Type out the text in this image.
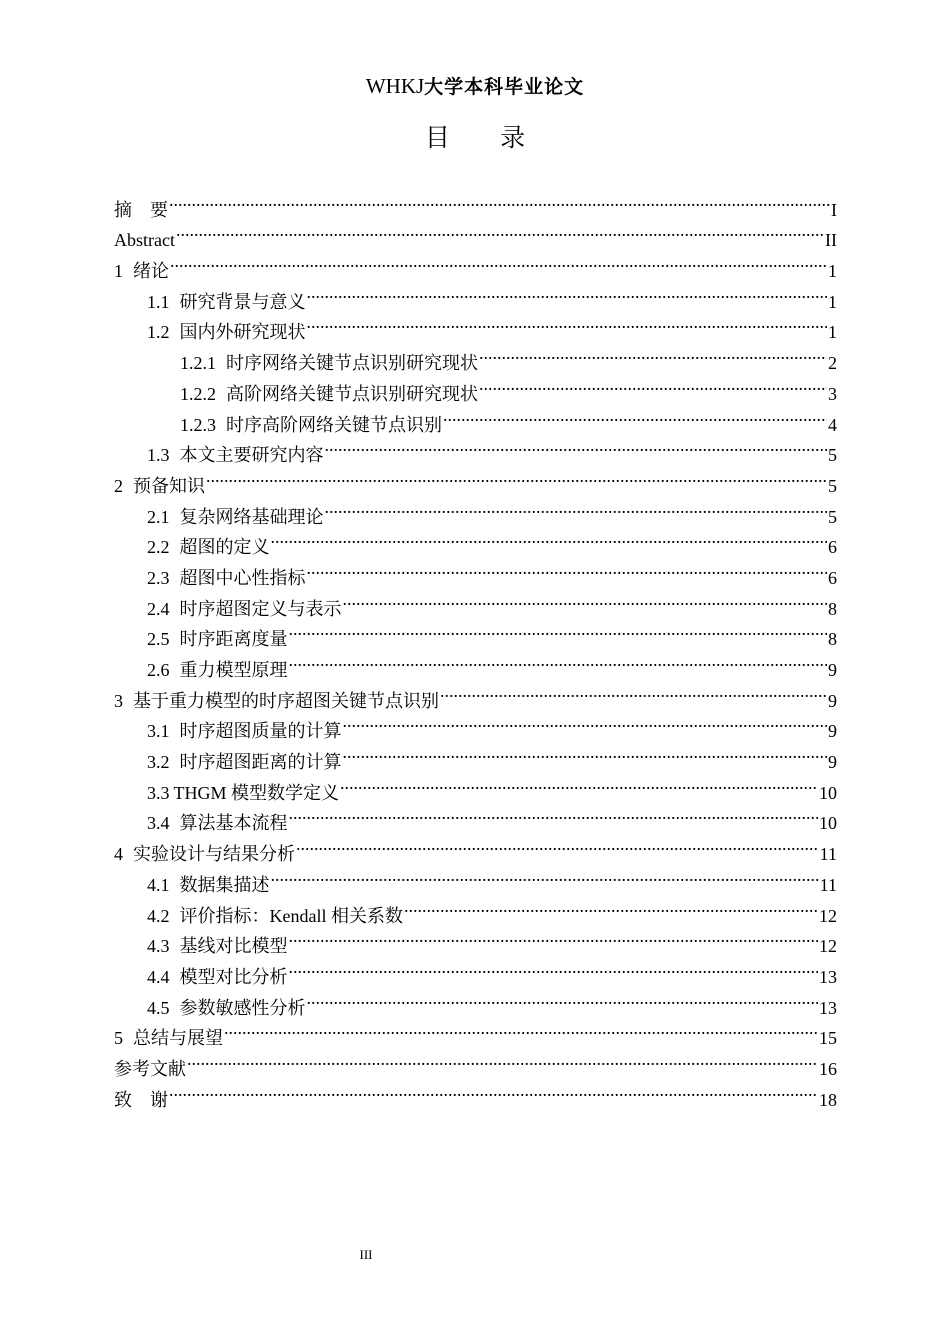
WHKJ大学本科毕业论文
目 录
摘　要 .....	I
Abstract .....	II
1 绪论 .....	1
1.1 研究背景与意义 .....	1
1.2 国内外研究现状 .....	1
1.2.1 时序网络关键节点识别研究现状 .....	2
1.2.2 高阶网络关键节点识别研究现状 .....	3
1.2.3 时序高阶网络关键节点识别 .....	4
1.3 本文主要研究内容 .....	5
2 预备知识 .....	5
2.1 复杂网络基础理论 .....	5
2.2 超图的定义 .....	6
2.3 超图中心性指标 .....	6
2.4 时序超图定义与表示 .....	8
2.5 时序距离度量 .....	8
2.6 重力模型原理 .....	9
3 基于重力模型的时序超图关键节点识别 .....	9
3.1 时序超图质量的计算 .....	9
3.2 时序超图距离的计算 .....	9
3.3 THGM 模型数学定义 .....	10
3.4 算法基本流程 .....	10
4 实验设计与结果分析 .....	11
4.1 数据集描述 .....	11
4.2 评价指标：Kendall 相关系数 .....	12
4.3 基线对比模型 .....	12
4.4 模型对比分析 .....	13
4.5 参数敏感性分析 .....	13
5 总结与展望 .....	15
参考文献 .....	16
致　谢 .....	18
III
